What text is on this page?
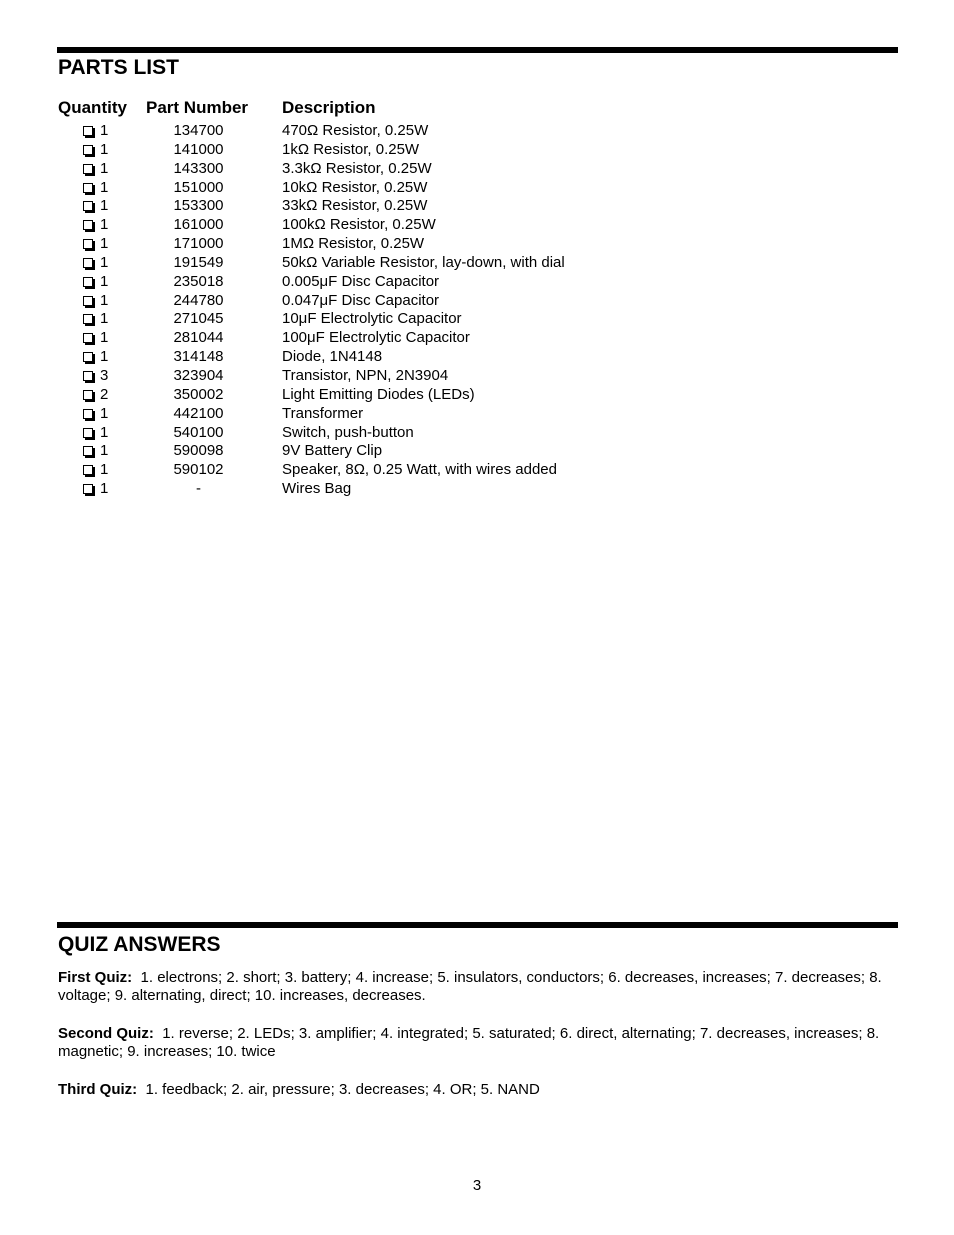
PARTS LIST
Quantity Part Number Description
1	134700	470Ω Resistor, 0.25W
1	141000	1kΩ Resistor, 0.25W
1	143300	3.3kΩ Resistor, 0.25W
1	151000	10kΩ Resistor, 0.25W
1	153300	33kΩ Resistor, 0.25W
1	161000	100kΩ Resistor, 0.25W
1	171000	1MΩ Resistor, 0.25W
1	191549	50kΩ Variable Resistor, lay-down, with dial
1	235018	0.005μF Disc Capacitor
1	244780	0.047μF Disc Capacitor
1	271045	10μF Electrolytic Capacitor
1	281044	100μF Electrolytic Capacitor
1	314148	Diode, 1N4148
3	323904	Transistor, NPN, 2N3904
2	350002	Light Emitting Diodes (LEDs)
1	442100	Transformer
1	540100	Switch, push-button
1	590098	9V Battery Clip
1	590102	Speaker, 8Ω, 0.25 Watt, with wires added
1	-	Wires Bag
QUIZ ANSWERS

First Quiz: 1. electrons; 2. short; 3. battery; 4. increase; 5. insulators, conductors; 6. decreases, increases; 7. decreases; 8. voltage; 9. alternating, direct; 10. increases, decreases.

Second Quiz: 1. reverse; 2. LEDs; 3. amplifier; 4. integrated; 5. saturated; 6. direct, alternating; 7. decreases, increases; 8. magnetic; 9. increases; 10. twice

Third Quiz: 1. feedback; 2. air, pressure; 3. decreases; 4. OR; 5. NAND

3
